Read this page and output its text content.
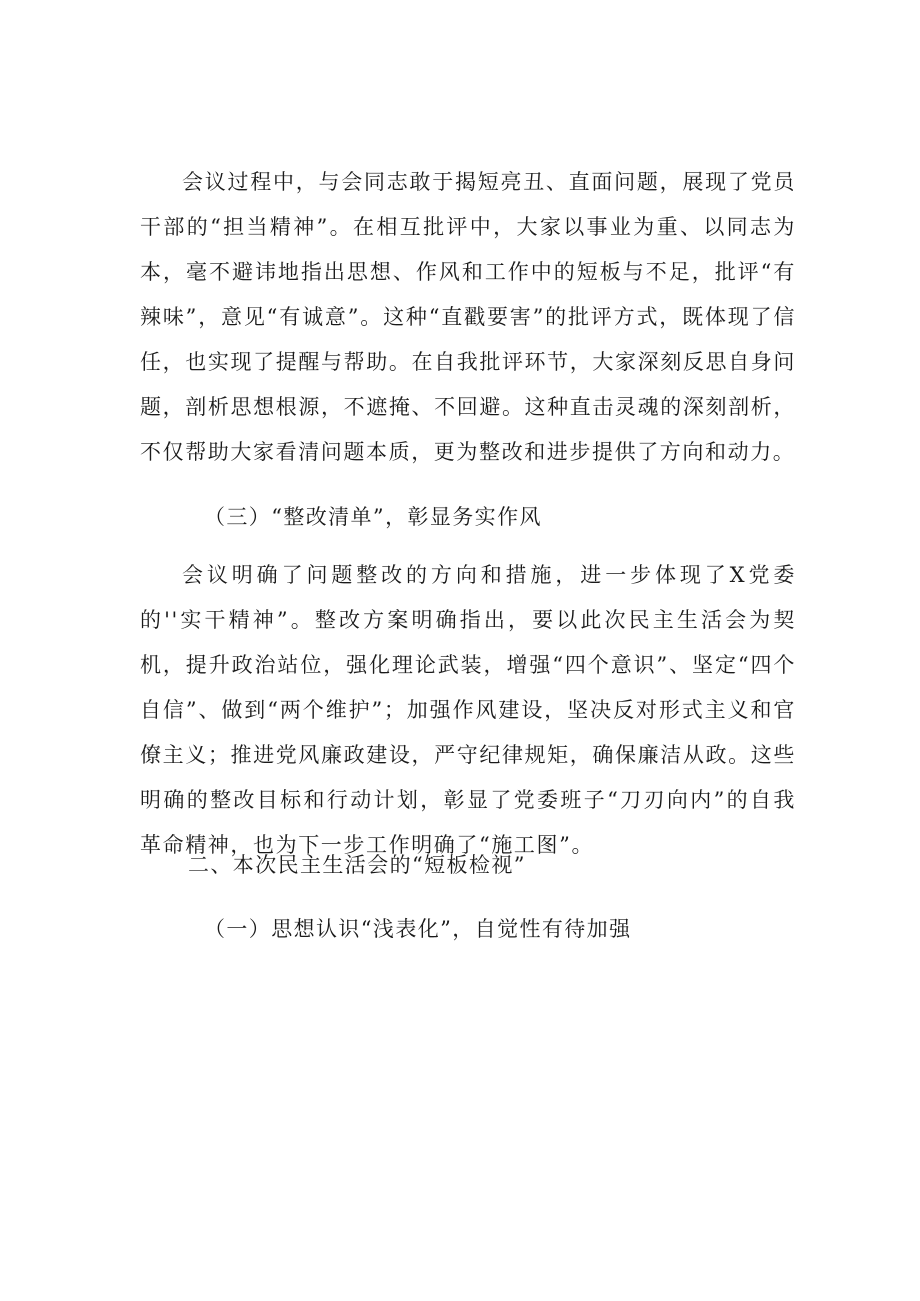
会议过程中，与会同志敢于揭短亮丑、直面问题，展现了党员干部的“担当精神”。在相互批评中，大家以事业为重、以同志为本，毫不避讳地指出思想、作风和工作中的短板与不足，批评“有辣味”，意见“有诚意”。这种“直戳要害”的批评方式，既体现了信任，也实现了提醒与帮助。在自我批评环节，大家深刻反思自身问题，剖析思想根源，不遮掩、不回避。这种直击灵魂的深刻剖析，不仅帮助大家看清问题本质，更为整改和进步提供了方向和动力。

（三）“整改清单”，彰显务实作风

会议明确了问题整改的方向和措施，进一步体现了X党委的''实干精神”。整改方案明确指出，要以此次民主生活会为契机，提升政治站位，强化理论武装，增强“四个意识”、坚定“四个自信”、做到“两个维护”；加强作风建设，坚决反对形式主义和官僚主义；推进党风廉政建设，严守纪律规矩，确保廉洁从政。这些明确的整改目标和行动计划，彰显了党委班子“刀刃向内”的自我革命精神，也为下一步工作明确了“施工图”。

二、本次民主生活会的“短板检视”

（一）思想认识“浅表化”，自觉性有待加强
